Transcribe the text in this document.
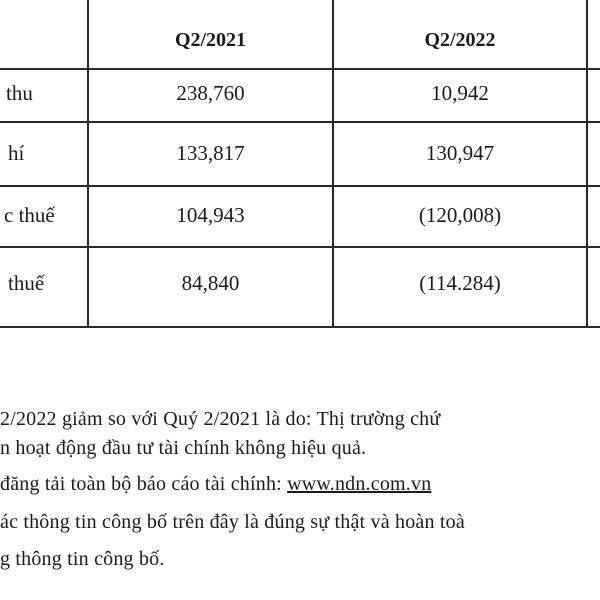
Q2/2021	Q2/2022
thu	238,760	10,942
hí	133,817	130,947
c thuế	104,943	(120,008)
thuế	84,840	(114.284)
2/2022 giảm so với Quý 2/2021 là do: Thị trường chứ
n hoạt động đầu tư tài chính không hiệu quả.
đăng tải toàn bộ báo cáo tài chính: www.ndn.com.vn
ác thông tin công bố trên đây là đúng sự thật và hoàn toà
g thông tin công bố.
